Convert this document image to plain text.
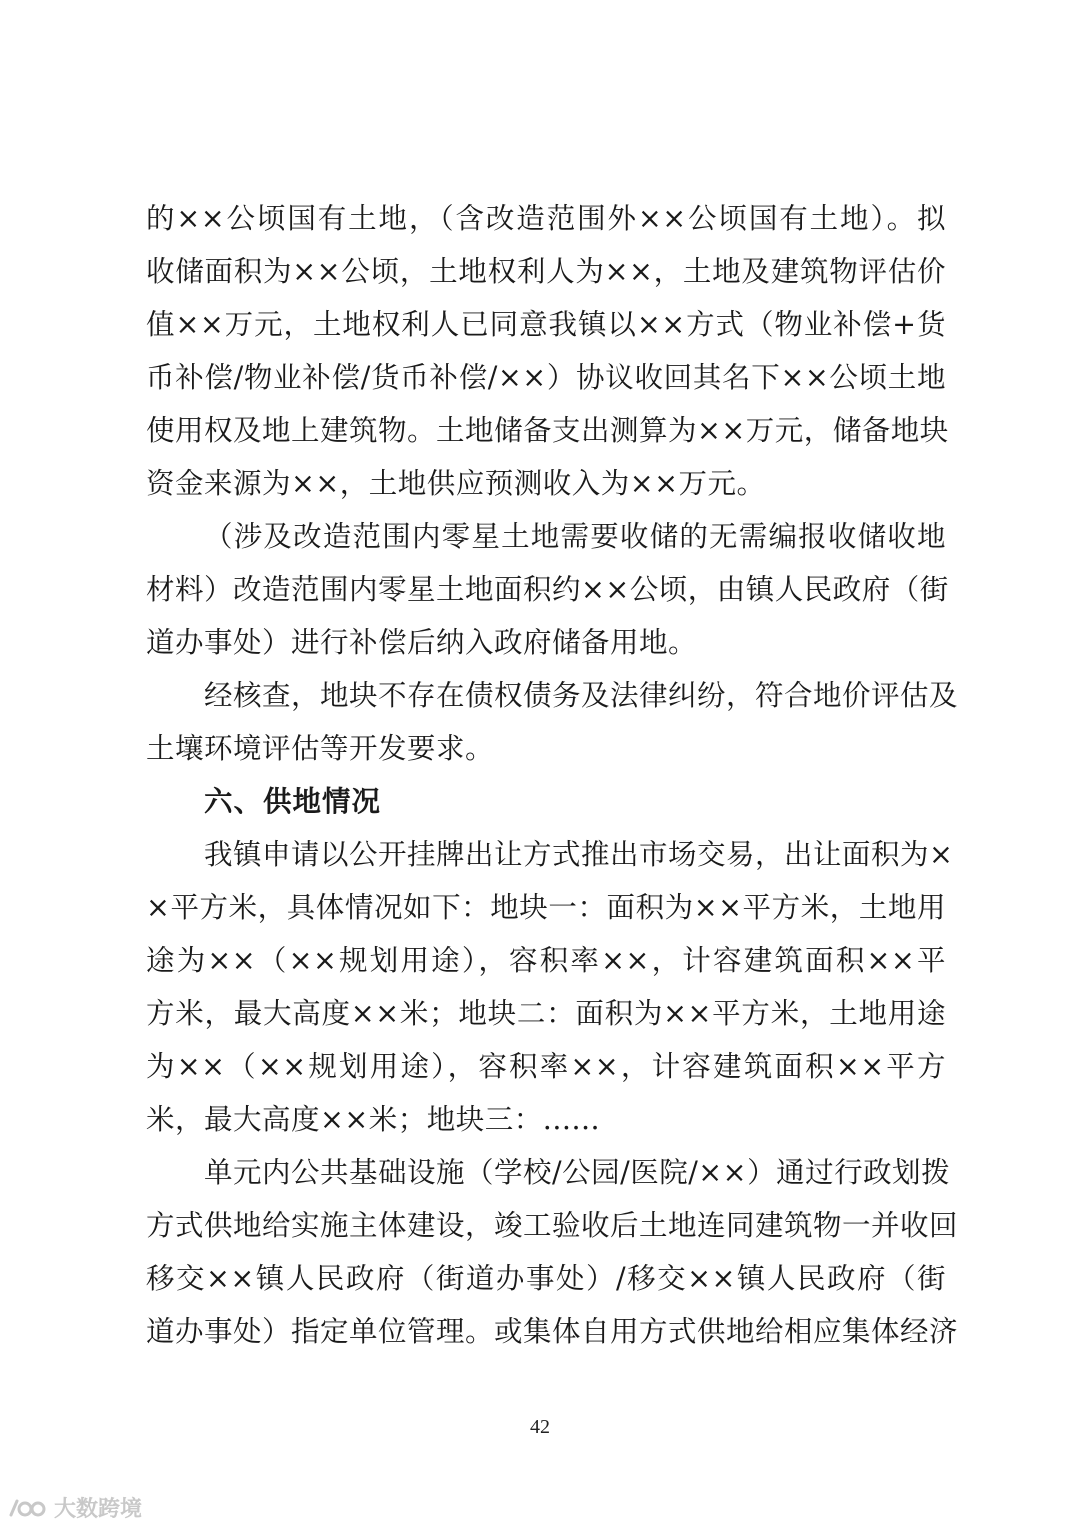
的××公顷国有土地，（含改造范围外××公顷国有土地）。拟
收储面积为××公顷，土地权利人为××，土地及建筑物评估价
值××万元，土地权利人已同意我镇以××方式（物业补偿+货
币补偿/物业补偿/货币补偿/××）协议收回其名下××公顷土地
使用权及地上建筑物。土地储备支出测算为××万元，储备地块
资金来源为××，土地供应预测收入为××万元。
（涉及改造范围内零星土地需要收储的无需编报收储收地
材料）改造范围内零星土地面积约××公顷，由镇人民政府（街
道办事处）进行补偿后纳入政府储备用地。
经核查，地块不存在债权债务及法律纠纷，符合地价评估及
土壤环境评估等开发要求。
六、供地情况
我镇申请以公开挂牌出让方式推出市场交易，出让面积为×
×平方米，具体情况如下：地块一：面积为××平方米，土地用
途为××（××规划用途），容积率××，计容建筑面积××平
方米，最大高度××米；地块二：面积为××平方米，土地用途
为××（××规划用途），容积率××，计容建筑面积××平方
米，最大高度××米；地块三：......
单元内公共基础设施（学校/公园/医院/××）通过行政划拨
方式供地给实施主体建设，竣工验收后土地连同建筑物一并收回
移交××镇人民政府（街道办事处）/移交××镇人民政府（街
道办事处）指定单位管理。或集体自用方式供地给相应集体经济
42
大数跨境
